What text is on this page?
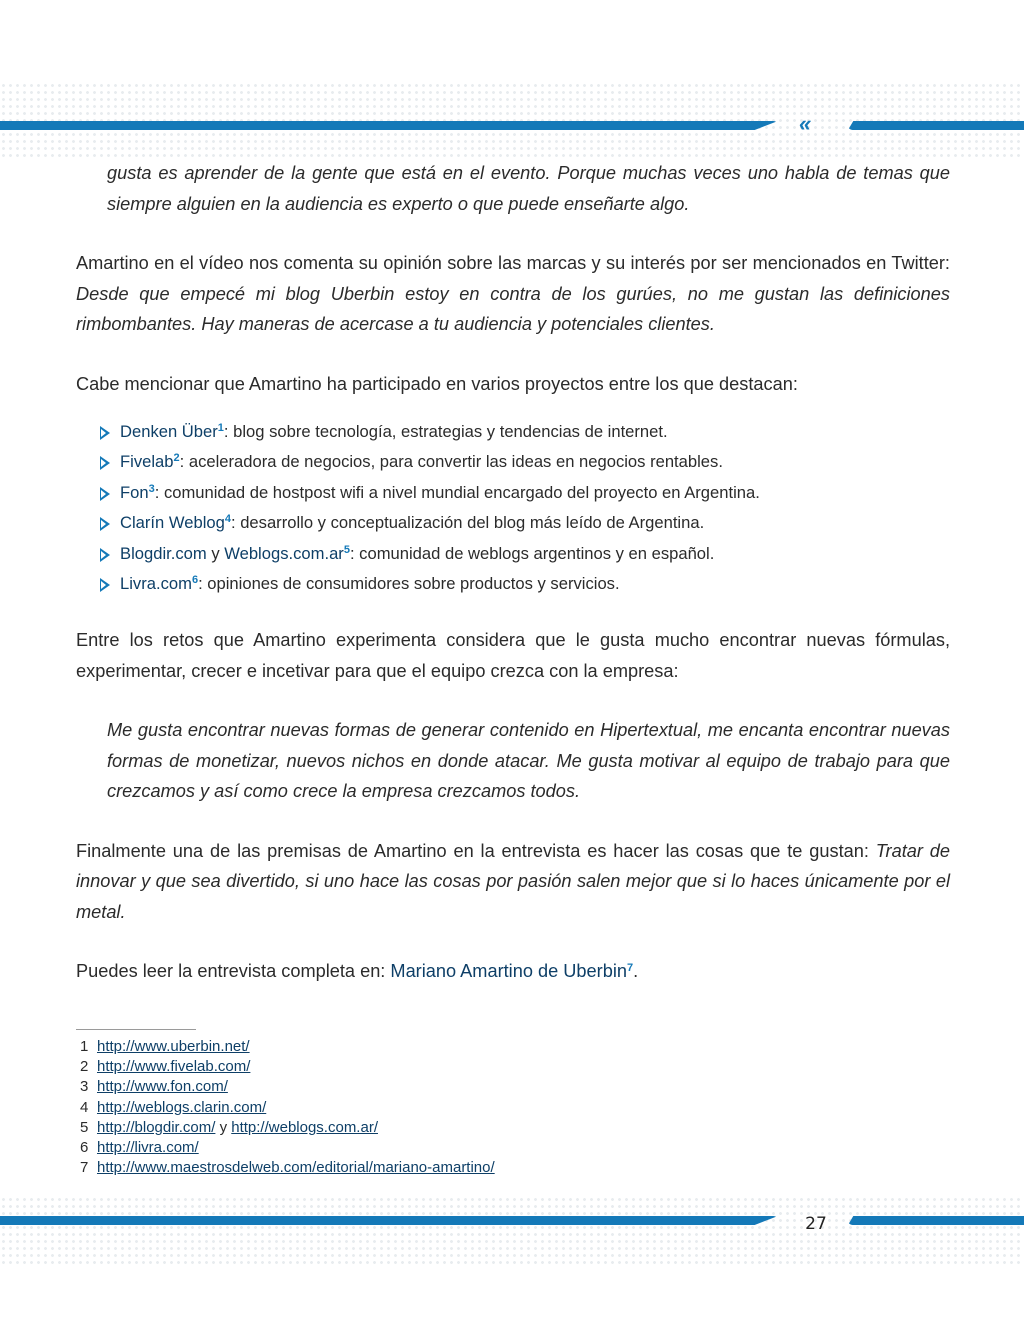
«

gusta es aprender de la gente que está en el evento. Porque muchas veces uno habla de temas que siempre alguien en la audiencia es experto o que puede enseñarte algo.

Amartino en el vídeo nos comenta su opinión sobre las marcas y su interés por ser mencionados en Twitter: Desde que empecé mi blog Uberbin estoy en contra de los gurúes, no me gustan las definiciones rimbombantes. Hay maneras de acercase a tu audiencia y potenciales clientes.

Cabe mencionar que Amartino ha participado en varios proyectos entre los que destacan:

Denken Über$^1$: blog sobre tecnología, estrategias y tendencias de internet.
Fivelab$^2$: aceleradora de negocios, para convertir las ideas en negocios rentables.
Fon$^3$: comunidad de hostpost wifi a nivel mundial encargado del proyecto en Argentina.
Clarín Weblog$^4$: desarrollo y conceptualización del blog más leído de Argentina.
Blogdir.com y $Weblogs.com.ar^5$: comunidad de weblogs argentinos y en español.
Livra.com$^6$: opiniones de consumidores sobre productos y servicios.

Entre los retos que Amartino experimenta considera que le gusta mucho encontrar nuevas fórmulas, experimentar, crecer e incetivar para que el equipo crezca con la empresa:

Me gusta encontrar nuevas formas de generar contenido en Hipertextual, me encanta encontrar nuevas formas de monetizar, nuevos nichos en donde atacar. Me gusta motivar al equipo de trabajo para que crezcamos y así como crece la empresa crezcamos todos.

Finalmente una de las premisas de Amartino en la entrevista es hacer las cosas que te gustan: Tratar de innovar y que sea divertido, si uno hace las cosas por pasión salen mejor que si lo haces únicamente por el metal.

Puedes leer la entrevista completa en: Mariano Amartino de Uberbin$^7$.

1 http://www.uberbin.net/
2 http://www.fivelab.com/
3 http://www.fon.com/
4 http://weblogs.clarin.com/
5 http://blogdir.com/ y http://weblogs.com.ar/
6 http://livra.com/
7 http://www.maestrosdelweb.com/editorial/mariano-amartino/
27
